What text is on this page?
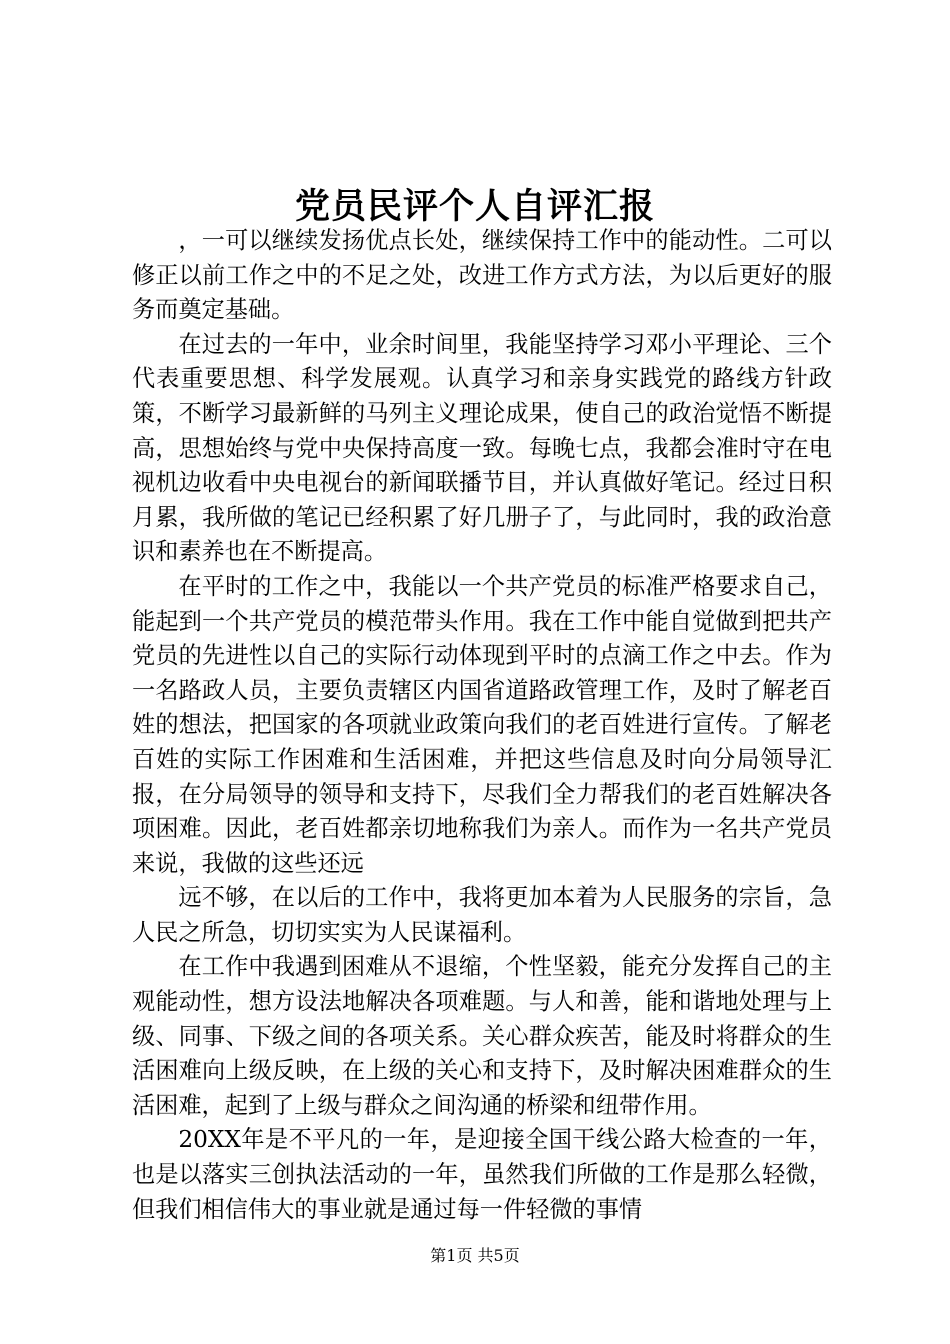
党员民评个人自评汇报

，一可以继续发扬优点长处，继续保持工作中的能动性。二可以修正以前工作之中的不足之处，改进工作方式方法，为以后更好的服务而奠定基础。

在过去的一年中，业余时间里，我能坚持学习邓小平理论、三个代表重要思想、科学发展观。认真学习和亲身实践党的路线方针政策，不断学习最新鲜的马列主义理论成果，使自己的政治觉悟不断提高，思想始终与党中央保持高度一致。每晚七点，我都会准时守在电视机边收看中央电视台的新闻联播节目，并认真做好笔记。经过日积月累，我所做的笔记已经积累了好几册子了，与此同时，我的政治意识和素养也在不断提高。

在平时的工作之中，我能以一个共产党员的标准严格要求自己，能起到一个共产党员的模范带头作用。我在工作中能自觉做到把共产党员的先进性以自己的实际行动体现到平时的点滴工作之中去。作为一名路政人员，主要负责辖区内国省道路政管理工作，及时了解老百姓的想法，把国家的各项就业政策向我们的老百姓进行宣传。了解老百姓的实际工作困难和生活困难，并把这些信息及时向分局领导汇报，在分局领导的领导和支持下，尽我们全力帮我们的老百姓解决各项困难。因此，老百姓都亲切地称我们为亲人。而作为一名共产党员来说，我做的这些还远

远不够，在以后的工作中，我将更加本着为人民服务的宗旨，急人民之所急，切切实实为人民谋福利。

在工作中我遇到困难从不退缩，个性坚毅，能充分发挥自己的主观能动性，想方设法地解决各项难题。与人和善，能和谐地处理与上级、同事、下级之间的各项关系。关心群众疾苦，能及时将群众的生活困难向上级反映，在上级的关心和支持下，及时解决困难群众的生活困难，起到了上级与群众之间沟通的桥梁和纽带作用。

20XX年是不平凡的一年，是迎接全国干线公路大检查的一年，也是以落实三创执法活动的一年，虽然我们所做的工作是那么轻微，但我们相信伟大的事业就是通过每一件轻微的事情

第1页 共5页
